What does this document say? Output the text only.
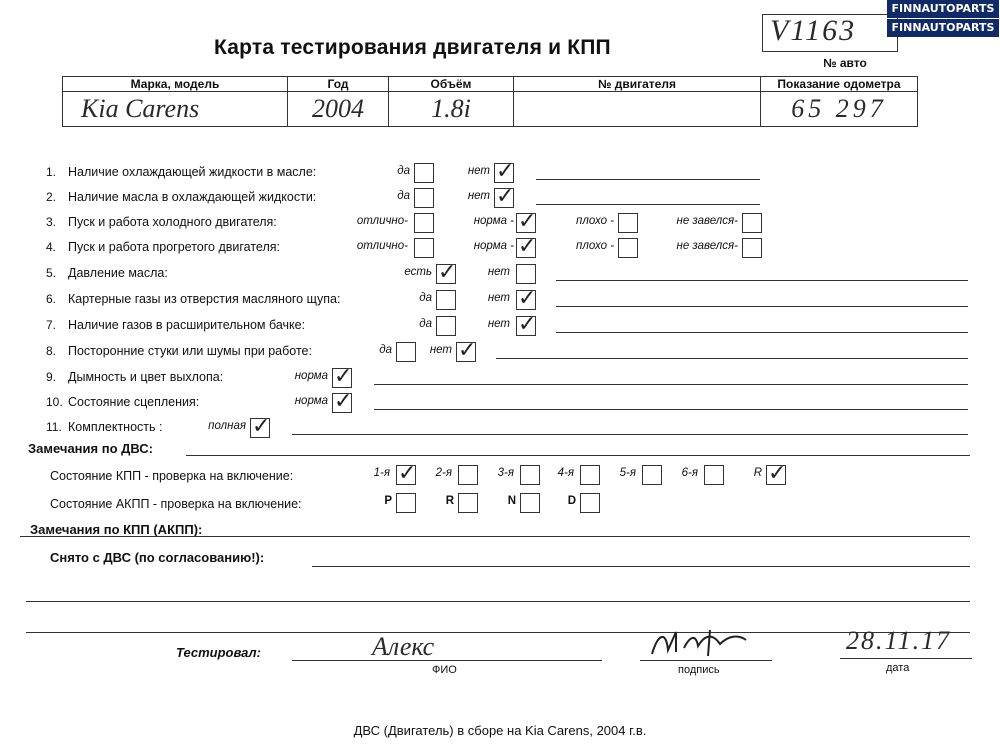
Карта тестирования двигателя и КПП
V1163
FINNAUTOPARTS
FINNAUTOPARTS
№ авто
Марка, модель	Год	Объём	№ двигателя	Показание одометра
Kia Carens	2004	1.8i		65 297
1. Наличие охлаждающей жидкости в масле:	да	нет ✓
2. Наличие масла в охлаждающей жидкости:	да	нет ✓
3. Пуск и работа холодного двигателя:	отлично-	норма - ✓	плохо -	не завелся-
4. Пуск и работа прогретого двигателя:	отлично-	норма - ✓	плохо -	не завелся-
5. Давление масла:	есть ✓	нет
6. Картерные газы из отверстия масляного щупа:	да	нет ✓
7. Наличие газов в расширительном бачке:	да	нет ✓
8. Посторонние стуки или шумы при работе:	да	нет ✓
9. Дымность и цвет выхлопа:	норма ✓
10. Состояние сцепления:	норма ✓
11. Комплектность :	полная ✓
Замечания по ДВС:
Состояние КПП - проверка на включение:	1-я ✓ 2-я	3-я	4-я	5-я	6-я	R ✓
Состояние АКПП - проверка на включение:	P	R	N	D
Замечания по КПП (АКПП):
Снято с ДВС (по согласованию!):
Тестировал:	Алекс
ФИО	подпись
28.11.17
дата
ДВС (Двигатель) в сборе на Kia Carens, 2004 г.в.
